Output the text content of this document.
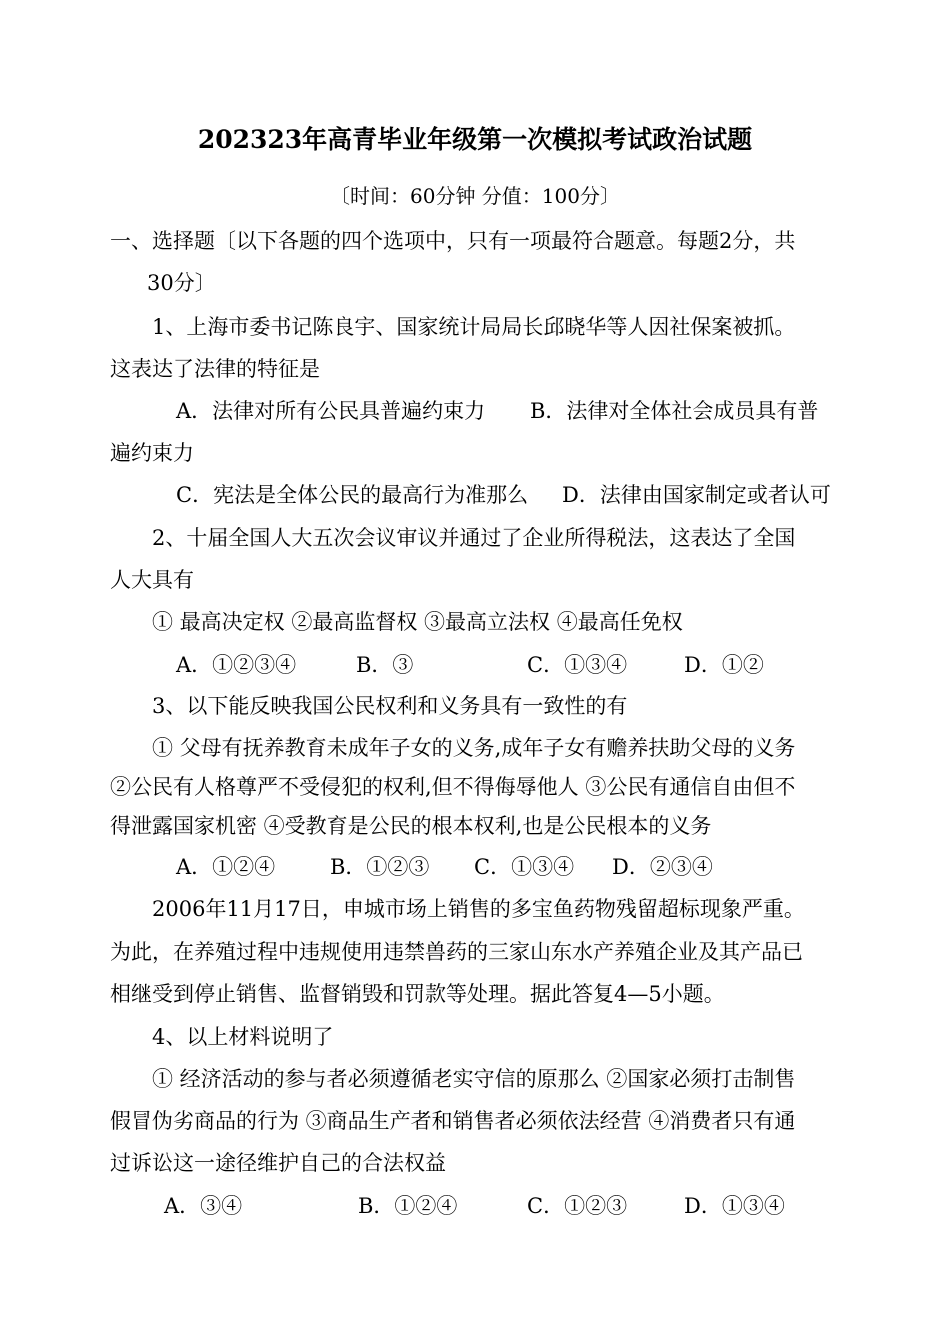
202323年高青毕业年级第一次模拟考试政治试题
〔时间：60分钟 分值：100分〕
一、选择题〔以下各题的四个选项中，只有一项最符合题意。每题2分，共
30分〕
1、上海市委书记陈良宇、国家统计局局长邱晓华等人因社保案被抓。
这表达了法律的特征是
A．法律对所有公民具普遍约束力 B．法律对全体社会成员具有普
遍约束力
C．宪法是全体公民的最高行为准那么 D．法律由国家制定或者认可
2、十届全国人大五次会议审议并通过了企业所得税法，这表达了全国
人大具有
① 最高决定权 ②最高监督权 ③最高立法权 ④最高任免权
A．①②③④	B．③	C．①③④	D．①②
3、以下能反映我国公民权利和义务具有一致性的有
① 父母有抚养教育未成年子女的义务,成年子女有赡养扶助父母的义务
②公民有人格尊严不受侵犯的权利,但不得侮辱他人 ③公民有通信自由但不
得泄露国家机密 ④受教育是公民的根本权利,也是公民根本的义务
A．①②④	B．①②③ C．①③④ D．②③④
2006年11月17日，申城市场上销售的多宝鱼药物残留超标现象严重。
为此，在养殖过程中违规使用违禁兽药的三家山东水产养殖企业及其产品已
相继受到停止销售、监督销毁和罚款等处理。据此答复4—5小题。
4、以上材料说明了
① 经济活动的参与者必须遵循老实守信的原那么 ②国家必须打击制售
假冒伪劣商品的行为 ③商品生产者和销售者必须依法经营 ④消费者只有通
过诉讼这一途径维护自己的合法权益
A．③④	B．①②④	C．①②③	D．①③④
